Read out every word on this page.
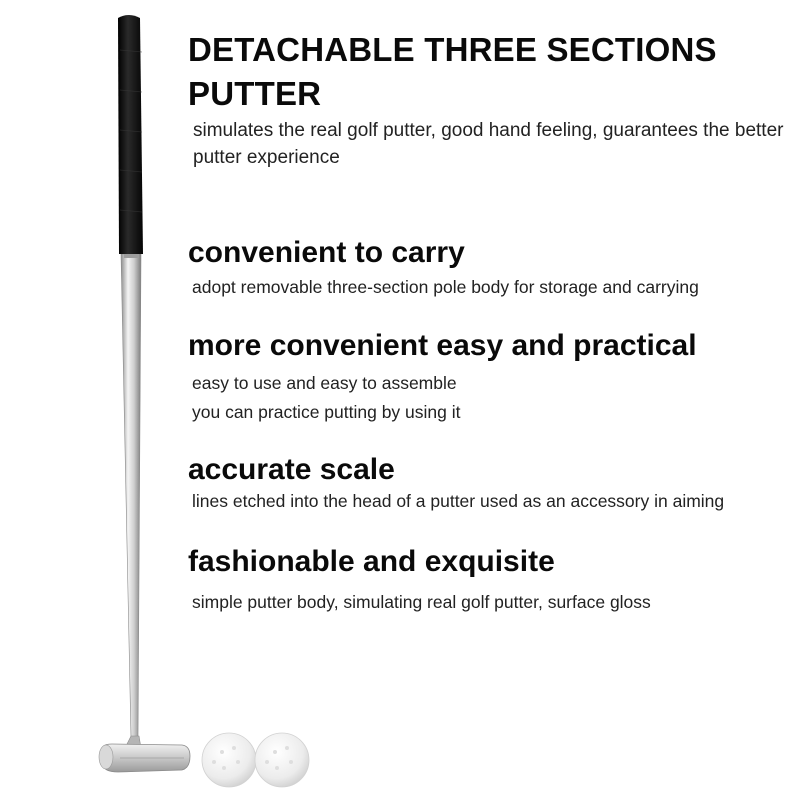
DETACHABLE THREE SECTIONS PUTTER
simulates the real golf putter, good hand feeling, guarantees the better putter experience
convenient to carry
adopt removable three-section pole body for storage and carrying
more convenient easy and practical
easy to use and easy to assemble
you can practice putting by using it
accurate scale
lines etched into the head of a putter used as an accessory in aiming
fashionable and exquisite
simple putter body, simulating real golf putter, surface gloss
